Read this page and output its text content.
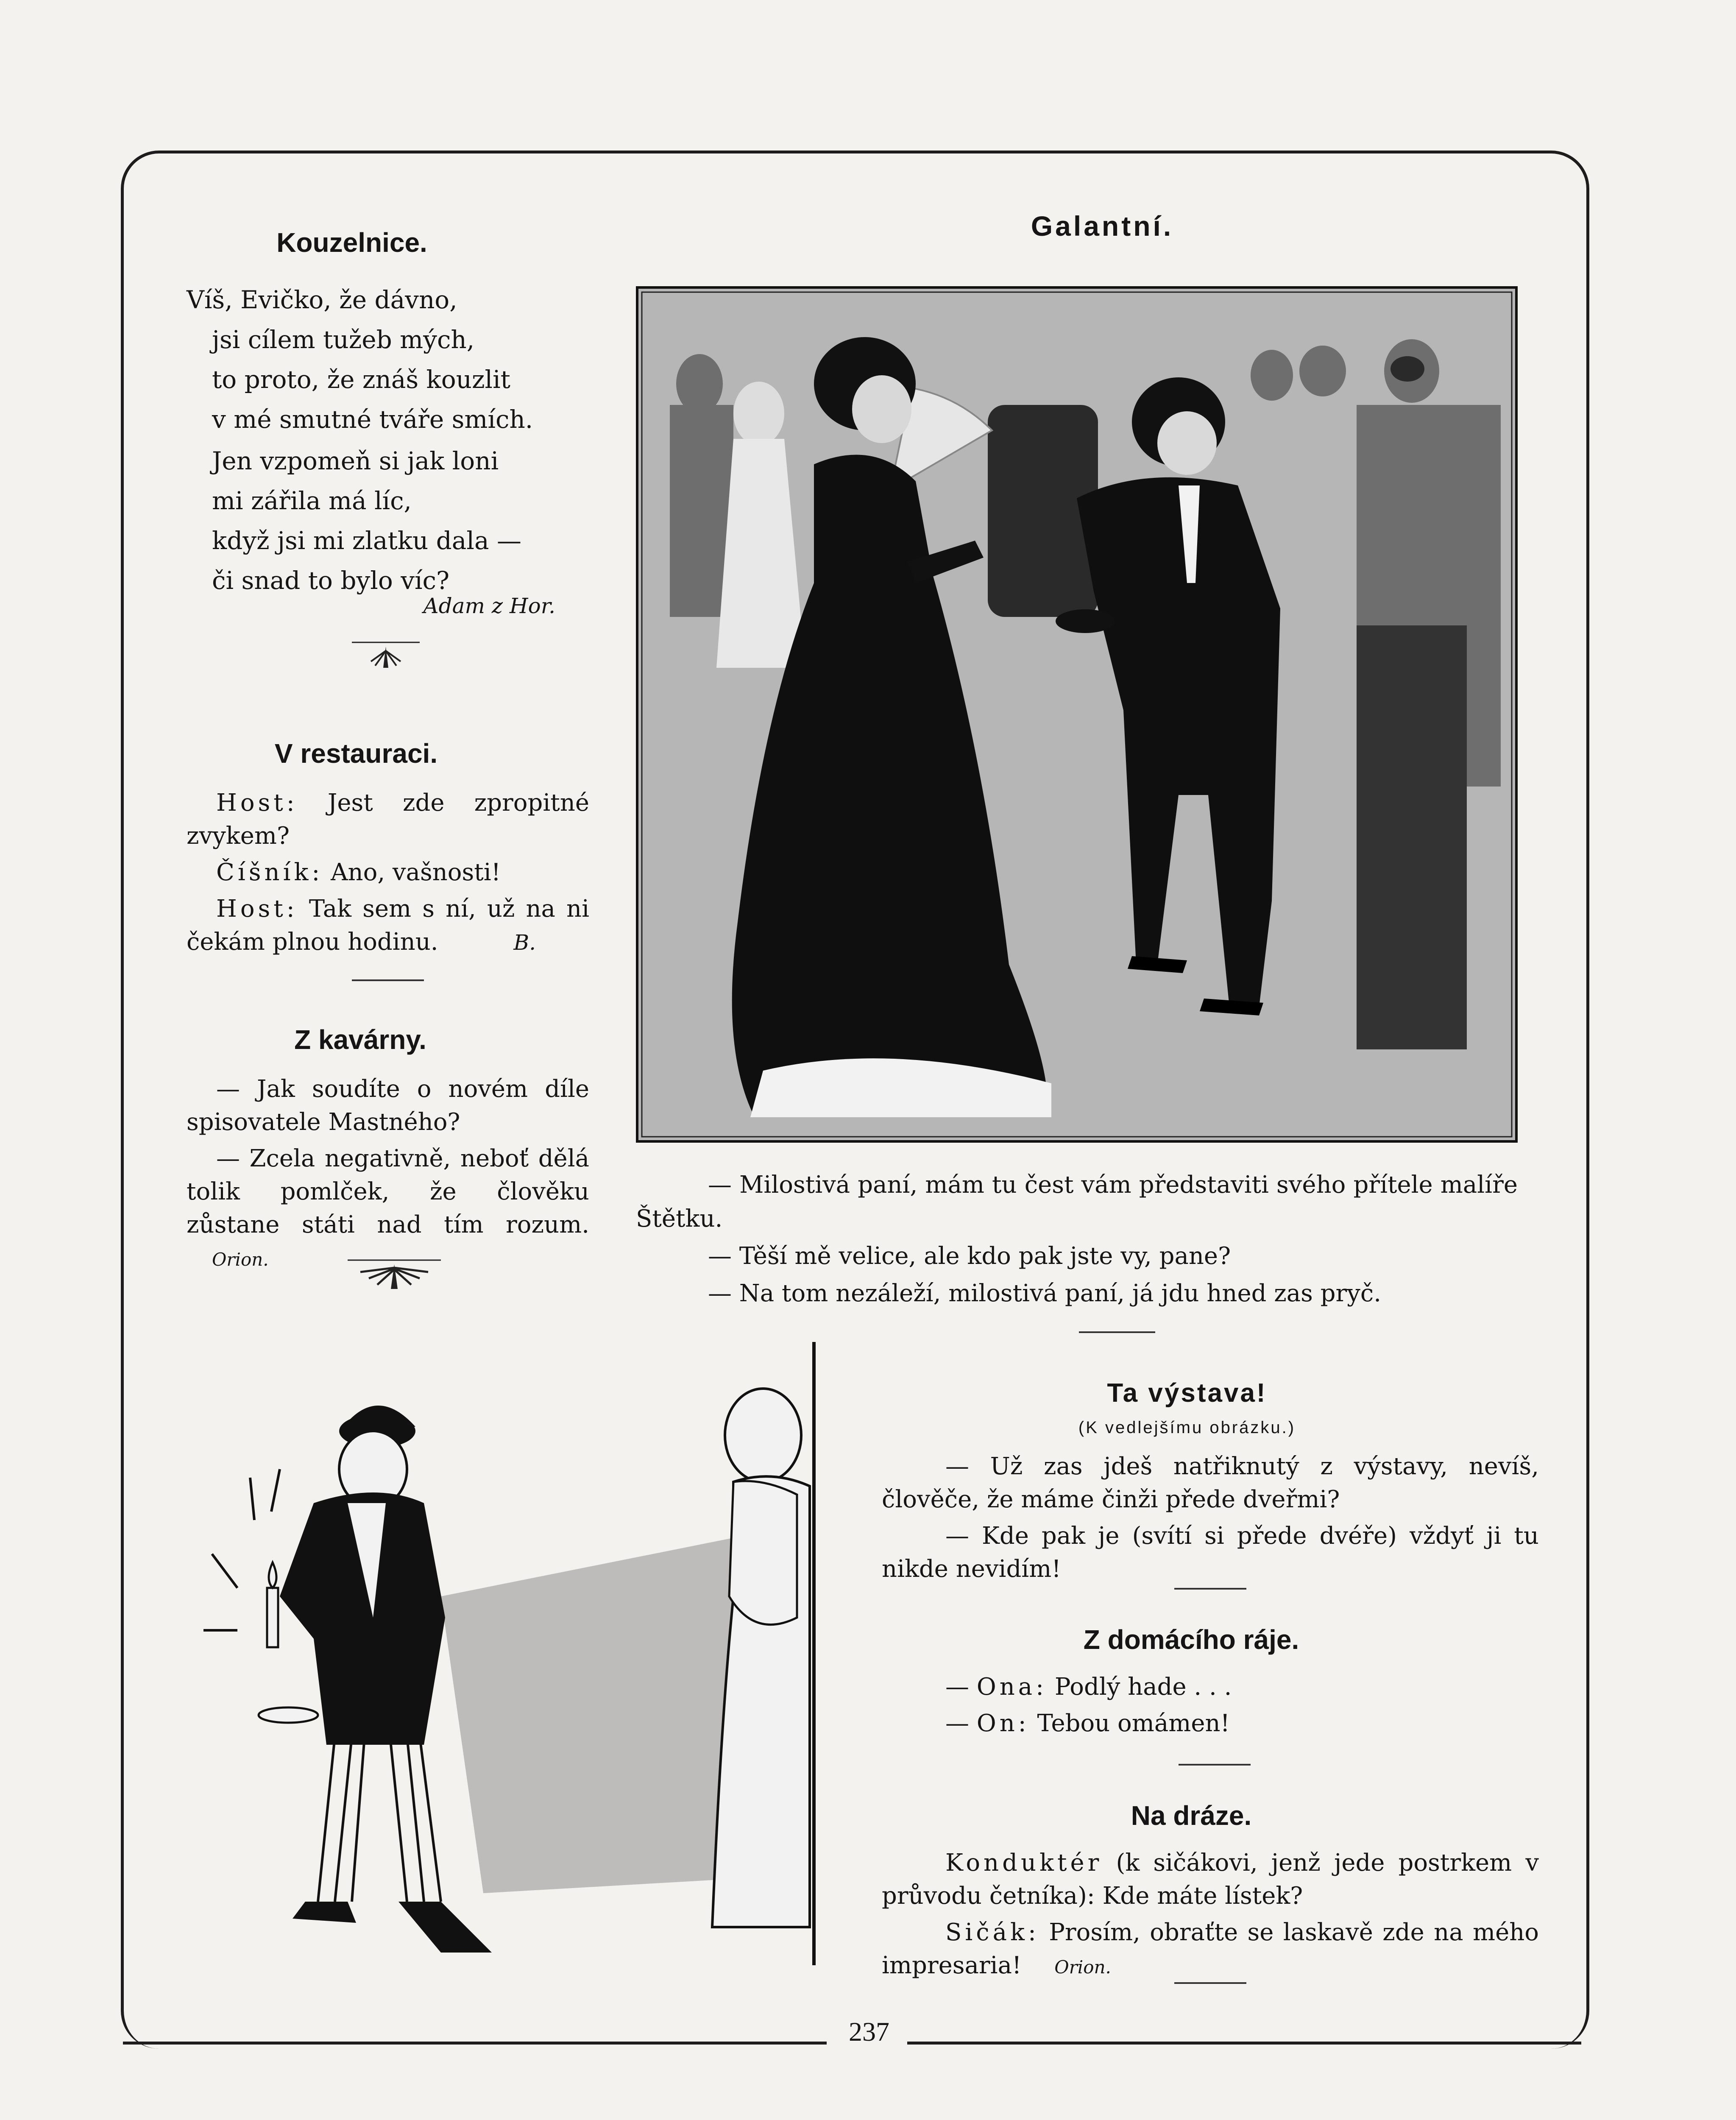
237
Kouzelnice.
Víš, Evičko, že dávno,
jsi cílem tužeb mých,
to proto, že znáš kouzlit
v mé smutné tváře smích.
Jen vzpomeň si jak loni
mi zářila má líc,
když jsi mi zlatku dala —
či snad to bylo víc?
Adam z Hor.
V restauraci.

Host: Jest zde zpropitné zvykem?

Číšník: Ano, vašnosti!

Host: Tak sem s ní, už na ni čekám plnou hodinu.	B.

Z kavárny.

— Jak soudíte o novém díle spisovatele Mastného?

— Zcela negativně, neboť dělá tolik pomlček, že člověku zůstane státi nad tím rozum. Orion.

Galantní.

— Milostivá paní, mám tu čest vám představiti svého přítele malíře Štětku.

— Těší mě velice, ale kdo pak jste vy, pane?

— Na tom nezáleží, milostivá paní, já jdu hned zas pryč.

Ta výstava!
(K vedlejšímu obrázku.)

— Už zas jdeš natřiknutý z výstavy, nevíš, člověče, že máme činži přede dveřmi?

— Kde pak je (svítí si přede dvéře) vždyť ji tu nikde nevidím!

Z domácího ráje.

— Ona: Podlý hade . . .

— On: Tebou omámen!

Na dráze.

Konduktér (k sičákovi, jenž jede postrkem v průvodu četníka): Kde máte lístek?

Sičák: Prosím, obraťte se laskavě zde na mého impresaria! Orion.
